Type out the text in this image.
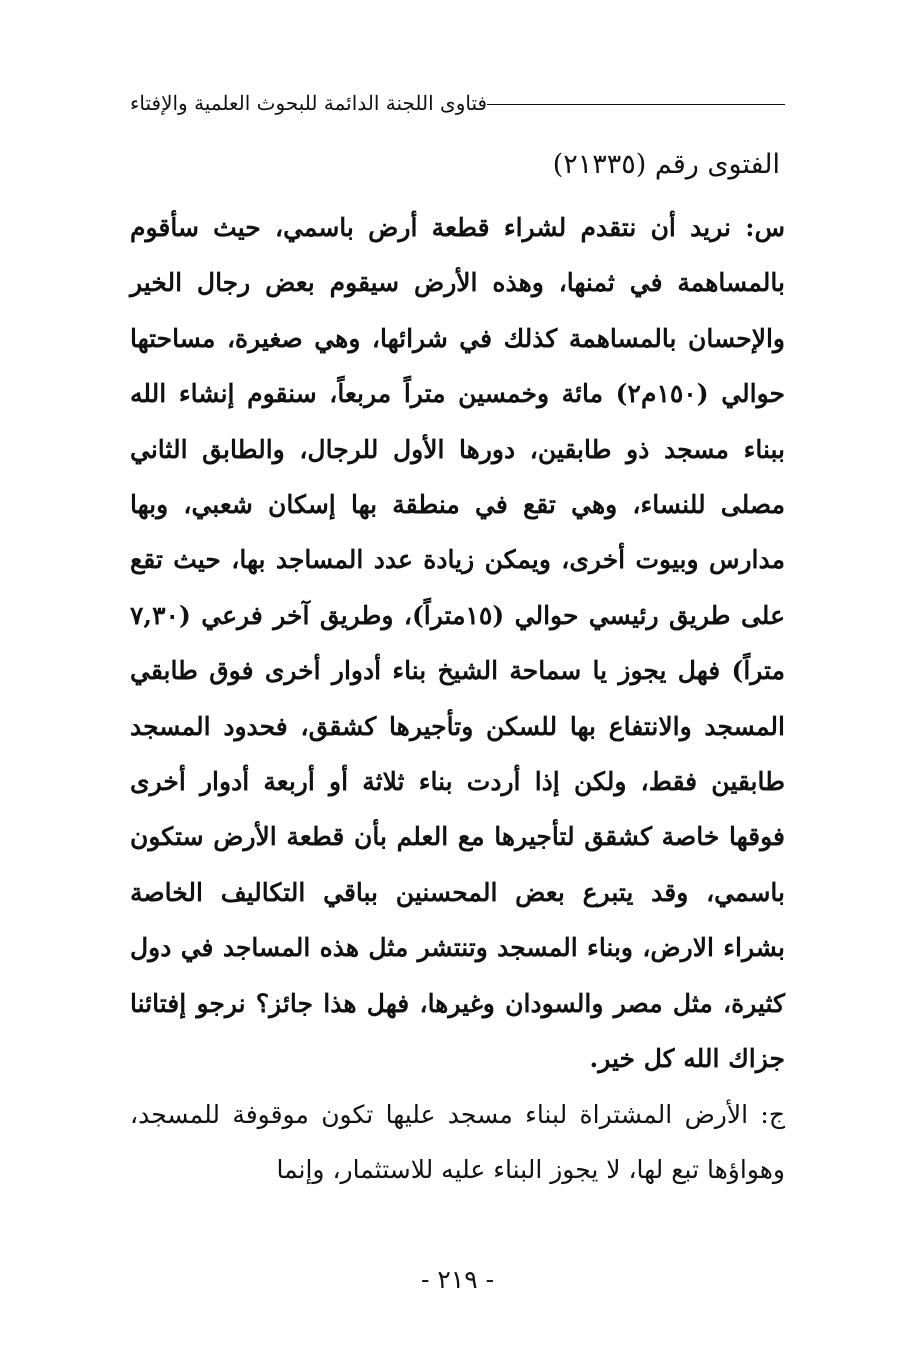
فتاوى اللجنة الدائمة للبحوث العلمية والإفتاء
الفتوى رقم (٢١٣٣٥)

س: نريد أن نتقدم لشراء قطعة أرض باسمي، حيث سأقوم بالمساهمة في ثمنها، وهذه الأرض سيقوم بعض رجال الخير والإحسان بالمساهمة كذلك في شرائها، وهي صغيرة، مساحتها حوالي (١٥٠م٢) مائة وخمسين متراً مربعاً، سنقوم إنشاء الله ببناء مسجد ذو طابقين، دورها الأول للرجال، والطابق الثاني مصلى للنساء، وهي تقع في منطقة بها إسكان شعبي، وبها مدارس وبيوت أخرى، ويمكن زيادة عدد المساجد بها، حيث تقع على طريق رئيسي حوالي (١٥متراً)، وطريق آخر فرعي (٧,٣٠ متراً) فهل يجوز يا سماحة الشيخ بناء أدوار أخرى فوق طابقي المسجد والانتفاع بها للسكن وتأجيرها كشقق، فحدود المسجد طابقين فقط، ولكن إذا أردت بناء ثلاثة أو أربعة أدوار أخرى فوقها خاصة كشقق لتأجيرها مع العلم بأن قطعة الأرض ستكون باسمي، وقد يتبرع بعض المحسنين بباقي التكاليف الخاصة بشراء الارض، وبناء المسجد وتنتشر مثل هذه المساجد في دول كثيرة، مثل مصر والسودان وغيرها، فهل هذا جائز؟ نرجو إفتائنا جزاك الله كل خير.

ج: الأرض المشتراة لبناء مسجد عليها تكون موقوفة للمسجد، وهواؤها تبع لها، لا يجوز البناء عليه للاستثمار، وإنما

- ٢١٩ -
